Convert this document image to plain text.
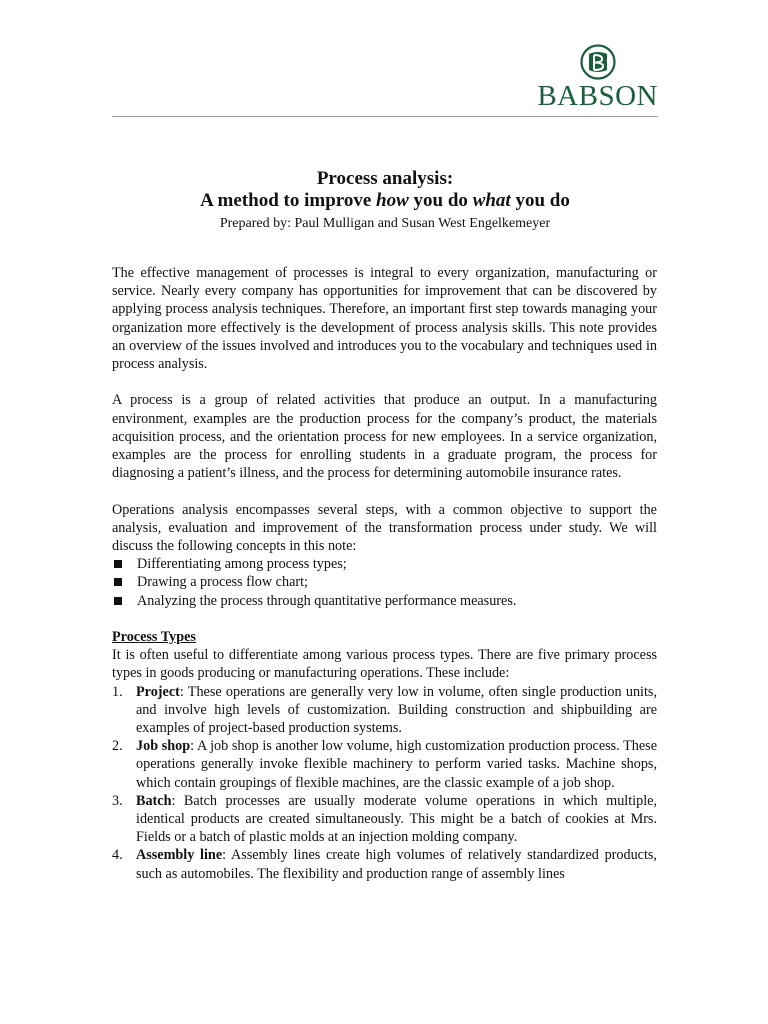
BABSON
Process analysis:
A method to improve how you do what you do
Prepared by: Paul Mulligan and Susan West Engelkemeyer

The effective management of processes is integral to every organization, manufacturing or service. Nearly every company has opportunities for improvement that can be discovered by applying process analysis techniques. Therefore, an important first step towards managing your organization more effectively is the development of process analysis skills. This note provides an overview of the issues involved and introduces you to the vocabulary and techniques used in process analysis.

A process is a group of related activities that produce an output. In a manufacturing environment, examples are the production process for the company’s product, the materials acquisition process, and the orientation process for new employees. In a service organization, examples are the process for enrolling students in a graduate program, the process for diagnosing a patient’s illness, and the process for determining automobile insurance rates.

Operations analysis encompasses several steps, with a common objective to support the analysis, evaluation and improvement of the transformation process under study. We will discuss the following concepts in this note:

Differentiating among process types;
Drawing a process flow chart;
Analyzing the process through quantitative performance measures.
Process Types

It is often useful to differentiate among various process types. There are five primary process types in goods producing or manufacturing operations. These include:

1. Project: These operations are generally very low in volume, often single production units, and involve high levels of customization. Building construction and shipbuilding are examples of project-based production systems.
2. Job shop: A job shop is another low volume, high customization production process. These operations generally invoke flexible machinery to perform varied tasks. Machine shops, which contain groupings of flexible machines, are the classic example of a job shop.
3. Batch: Batch processes are usually moderate volume operations in which multiple, identical products are created simultaneously. This might be a batch of cookies at Mrs. Fields or a batch of plastic molds at an injection molding company.
4. Assembly line: Assembly lines create high volumes of relatively standardized products, such as automobiles. The flexibility and production range of assembly lines
